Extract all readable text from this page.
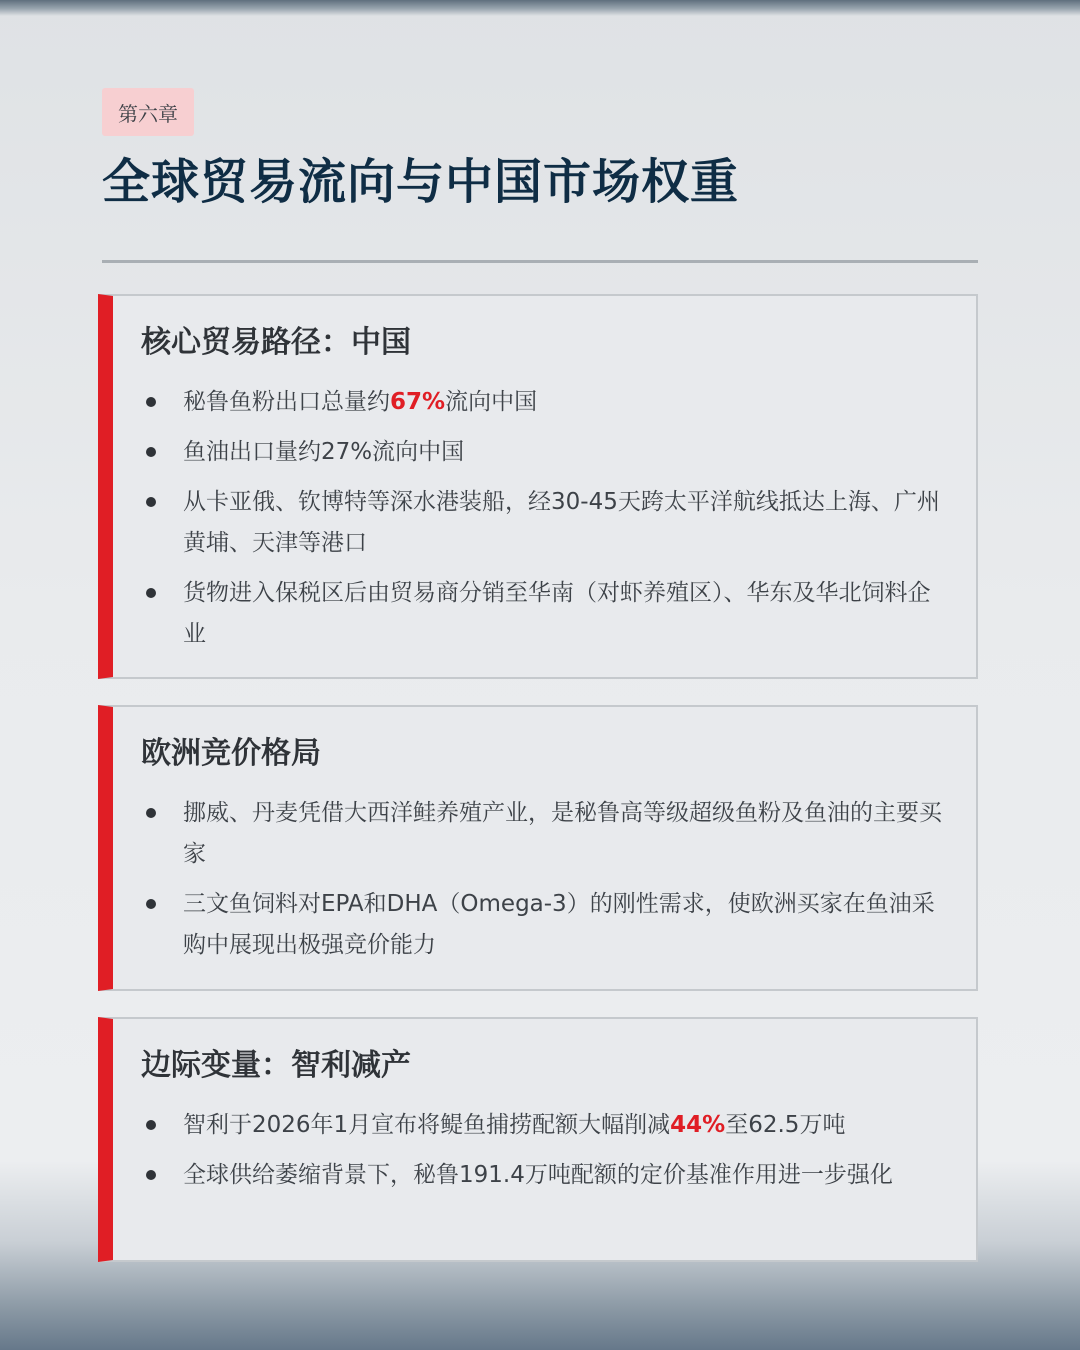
第六章
全球贸易流向与中国市场权重
核心贸易路径：中国
秘鲁鱼粉出口总量约67%流向中国
鱼油出口量约27%流向中国
从卡亚俄、钦博特等深水港装船，经30-45天跨太平洋航线抵达上海、广州黄埔、天津等港口
货物进入保税区后由贸易商分销至华南（对虾养殖区）、华东及华北饲料企业
欧洲竞价格局
挪威、丹麦凭借大西洋鲑养殖产业，是秘鲁高等级超级鱼粉及鱼油的主要买家
三文鱼饲料对EPA和DHA（Omega-3）的刚性需求，使欧洲买家在鱼油采购中展现出极强竞价能力
边际变量：智利减产
智利于2026年1月宣布将鳀鱼捕捞配额大幅削减44%至62.5万吨
全球供给萎缩背景下，秘鲁191.4万吨配额的定价基准作用进一步强化
